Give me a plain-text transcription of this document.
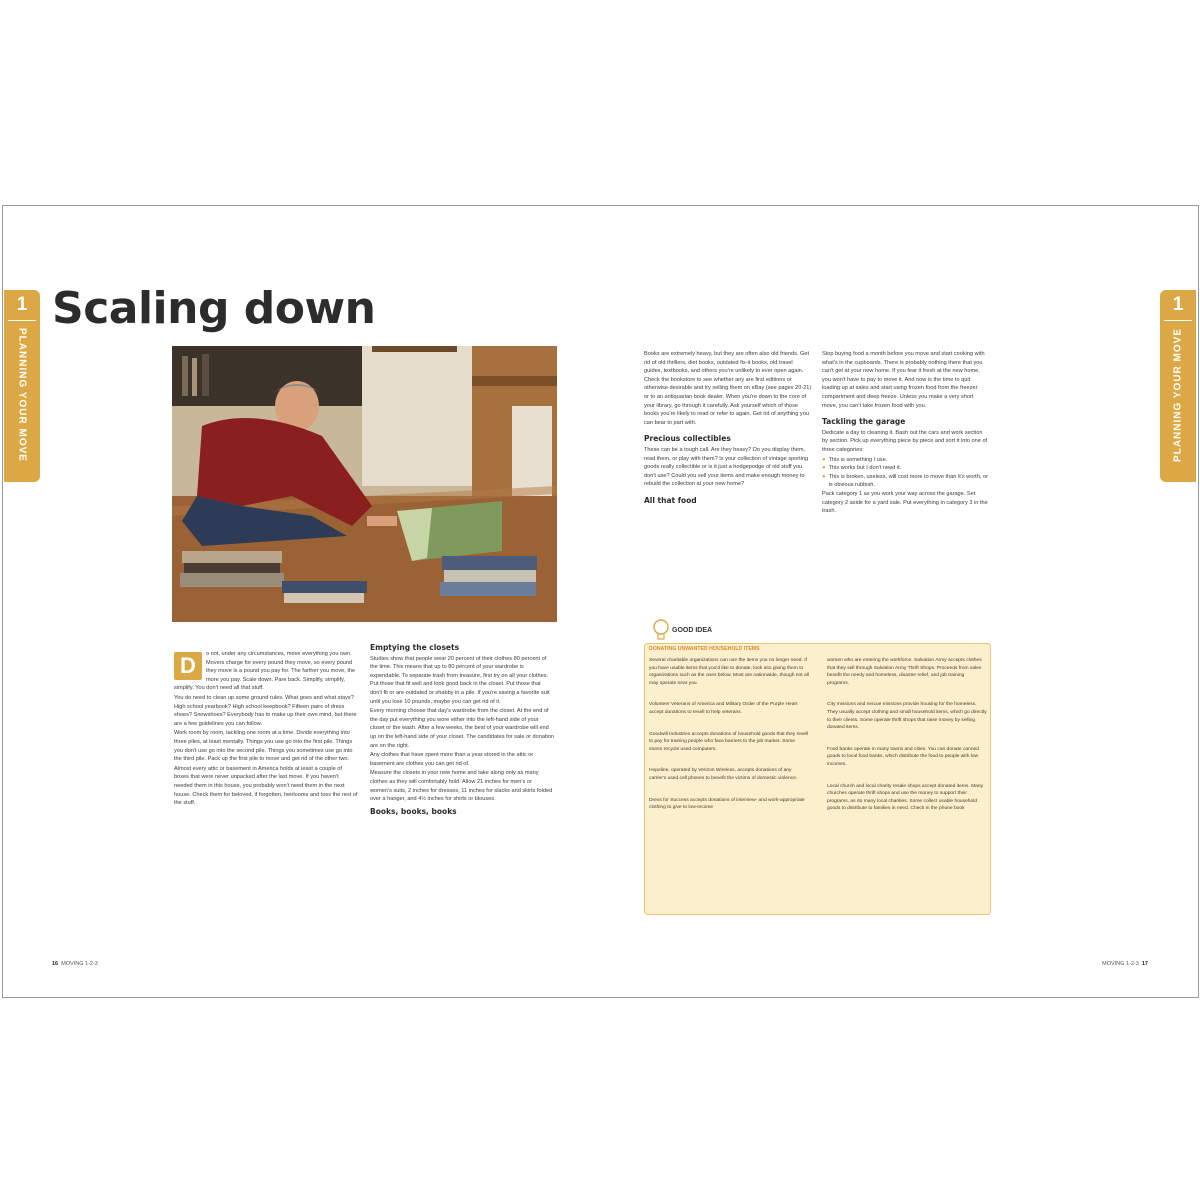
1
PLANNING YOUR MOVE
1
PLANNING YOUR MOVE
Scaling down
D	o not, under any circumstances, move everything you own. Movers charge for every pound they move, so every pound they move is a pound you pay for. The farther you move, the more you pay. Scale down. Pare back. Simplify, simplify, simplify. You don't need all that stuff.

You do need to clean up some ground rules. What goes and what stays? High school yearbook? High school keepbook? Fifteen pairs of dress shoes? Snowshoes? Everybody has to make up their own mind, but there are a few guidelines you can follow.

Work room by room, tackling one room at a time. Divide everything into three piles, at least mentally. Things you use go into the first pile. Things you don't use go into the second pile. Things you sometimes use go into the third pile. Pack up the first pile to move and get rid of the other two.

Almost every attic or basement in America holds at least a couple of boxes that were never unpacked after the last move. If you haven't needed them in this house, you probably won't need them in the next house. Check them for beloved, if forgotten, heirlooms and toss the rest of the stuff.

Emptying the closets

Studies show that people wear 20 percent of their clothes 80 percent of the time. This means that up to 80 percent of your wardrobe is expendable. To separate trash from treasure, first try on all your clothes. Put those that fit well and look good back in the closet. Put those that don't fit or are outdated or shabby in a pile. If you're saving a favorite suit until you lose 10 pounds, maybe you can get rid of it.

Every morning choose that day's wardrobe from the closet. At the end of the day put everything you wore either into the left-hand side of your closet or the wash. After a few weeks, the best of your wardrobe will end up on the left-hand side of your closet. The candidates for sale or donation are on the right.

Any clothes that have spent more than a year stored in the attic or basement are clothes you can get rid of.

Measure the closets in your new home and take along only as many clothes as they will comfortably hold. Allow 21 inches for men's or women's suits, 2 inches for dresses, 11 inches for slacks and skirts folded over a hanger, and 4½ inches for shirts or blouses.

Books, books, books

Books are extremely heavy, but they are often also old friends. Get rid of old thrillers, diet books, outdated fix-it books, old travel guides, textbooks, and others you're unlikely to ever open again. Check the bookstore to see whether any are first editions or otherwise desirable and try selling them on eBay (see pages 20-21) or to an antiquarian book dealer. When you're down to the core of your library, go through it carefully. Ask yourself which of those books you're likely to read or refer to again. Get rid of anything you can bear to part with.

Precious collectibles

These can be a tough call. Are they heavy? Do you display them, read them, or play with them? Is your collection of vintage sporting goods really collectible or is it just a hodgepodge of old stuff you don't use? Could you sell your items and make enough money to rebuild the collection at your new home?

All that food

Stop buying food a month before you move and start cooking with what's in the cupboards. There is probably nothing there that you can't get at your new home. If you fear it fresh at the new home, you won't have to pay to move it. And now is the time to quit loading up at sales and start using frozen food from the freezer compartment and deep freeze. Unless you make a very short move, you can't take frozen food with you.

Tackling the garage

Dedicate a day to cleaning it. Bash out the cars and work section by section. Pick up everything piece by piece and sort it into one of three categories:

● This is something I use.
● This works but I don't need it.
● This is broken, useless, will cost more to move than it's worth, or is obvious rubbish.

Pack category 1 as you work your way across the garage. Set category 2 aside for a yard sale. Put everything in category 3 in the trash.

GOOD IDEA
DONATING UNWANTED HOUSEHOLD ITEMS

Several charitable organizations can use the items you no longer need. If you have usable items that you'd like to donate, look into giving them to organizations such as the ones below. Most are nationwide, though not all may operate near you.

Volunteer Veterans of America and Military Order of the Purple Heart accept donations to resell to help veterans.

Goodwill Industries accepts donations of household goods that they resell to pay for training people who face barriers to the job market. Some stores recycle used computers.

Hopeline, operated by Verizon Wireless, accepts donations of any carrier's used cell phones to benefit the victims of domestic violence.

Dress for Success accepts donations of interview- and work-appropriate clothing to give to low-income

women who are entering the workforce. Salvation Army accepts clothes that they sell through Salvation Army Thrift Shops. Proceeds from sales benefit the needy and homeless, disaster relief, and job training programs.

City missions and rescue missions provide housing for the homeless. They usually accept clothing and small household items, which go directly to their clients. Some operate thrift shops that raise money by selling donated items.

Food banks operate in many towns and cities. You can donate canned goods to local food banks, which distribute the food to people with low incomes.

Local church and local charity resale shops accept donated items. Many churches operate thrift shops and use the money to support their programs, as do many local charities. Some collect usable household goods to distribute to families in need. Check in the phone book

16 MOVING 1-2-3	MOVING 1-2-3 17
